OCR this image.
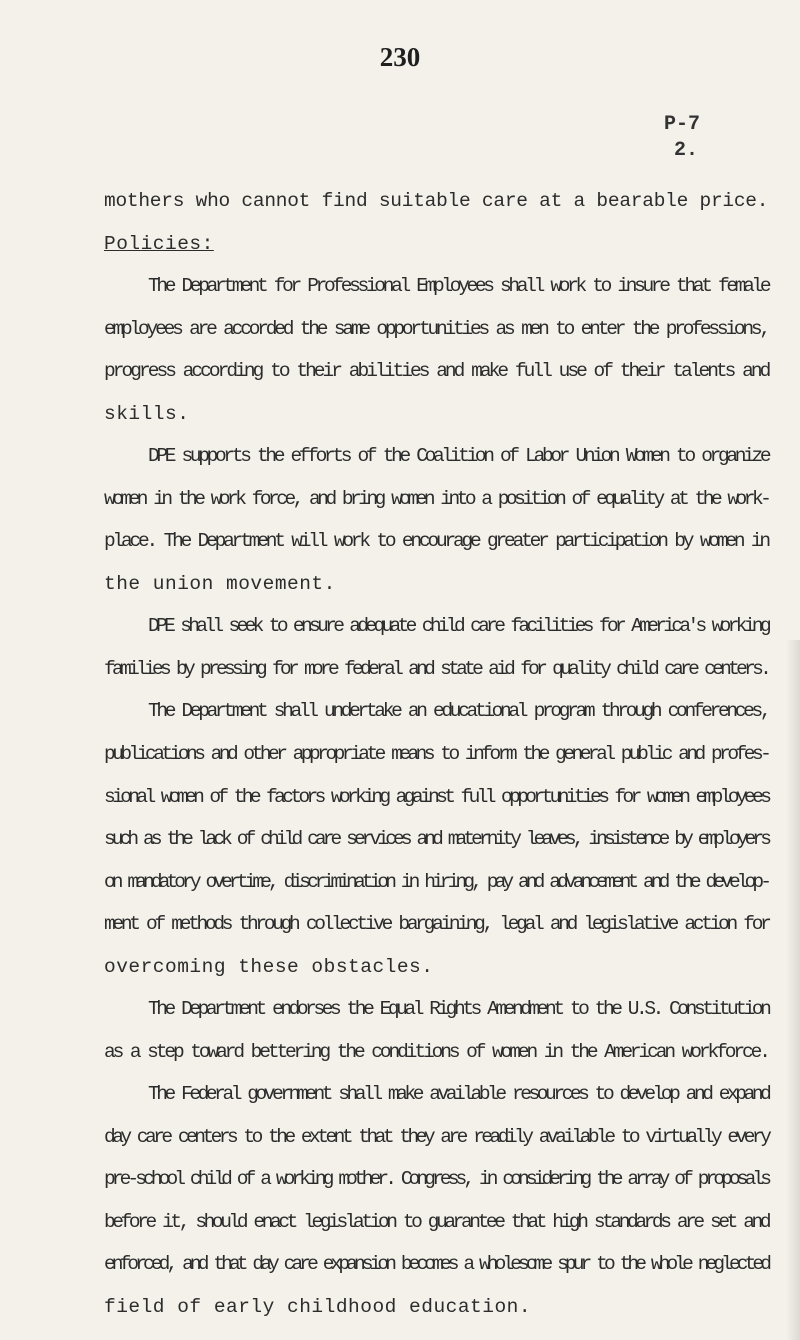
230
P-7
2.
mothers who cannot find suitable care at a bearable price.
Policies:
The Department for Professional Employees shall work to insure that female
employees are accorded the same opportunities as men to enter the professions,
progress according to their abilities and make full use of their talents and
skills.
DPE supports the efforts of the Coalition of Labor Union Women to organize
women in the work force, and bring women into a position of equality at the work-
place. The Department will work to encourage greater participation by women in
the union movement.
DPE shall seek to ensure adequate child care facilities for America's working
families by pressing for more federal and state aid for quality child care centers.
The Department shall undertake an educational program through conferences,
publications and other appropriate means to inform the general public and profes-
sional women of the factors working against full opportunities for women employees
such as the lack of child care services and maternity leaves, insistence by employers
on mandatory overtime, discrimination in hiring, pay and advancement and the develop-
ment of methods through collective bargaining, legal and legislative action for
overcoming these obstacles.
The Department endorses the Equal Rights Amendment to the U.S. Constitution
as a step toward bettering the conditions of women in the American workforce.
The Federal government shall make available resources to develop and expand
day care centers to the extent that they are readily available to virtually every
pre-school child of a working mother. Congress, in considering the array of proposals
before it, should enact legislation to guarantee that high standards are set and
enforced, and that day care expansion becomes a wholesome spur to the whole neglected
field of early childhood education.
